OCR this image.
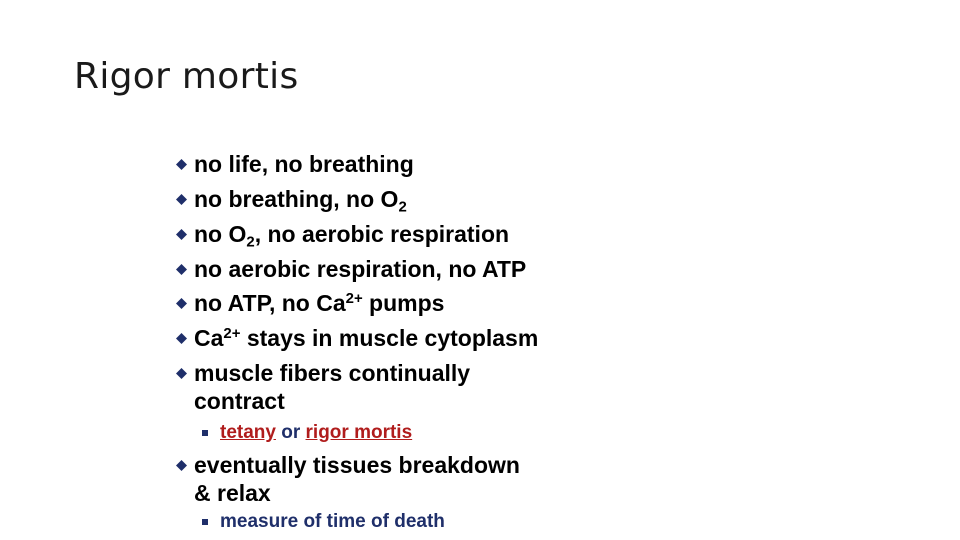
Rigor mortis
no life, no breathing
no breathing, no $O_2$
no $O_2$, no aerobic respiration
no aerobic respiration, no ATP
no ATP, no $Ca^{2+}$ pumps
$Ca^{2+}$ stays in muscle cytoplasm
muscle fibers continually
contract
tetany or rigor mortis
eventually tissues breakdown
& relax
measure of time of death
